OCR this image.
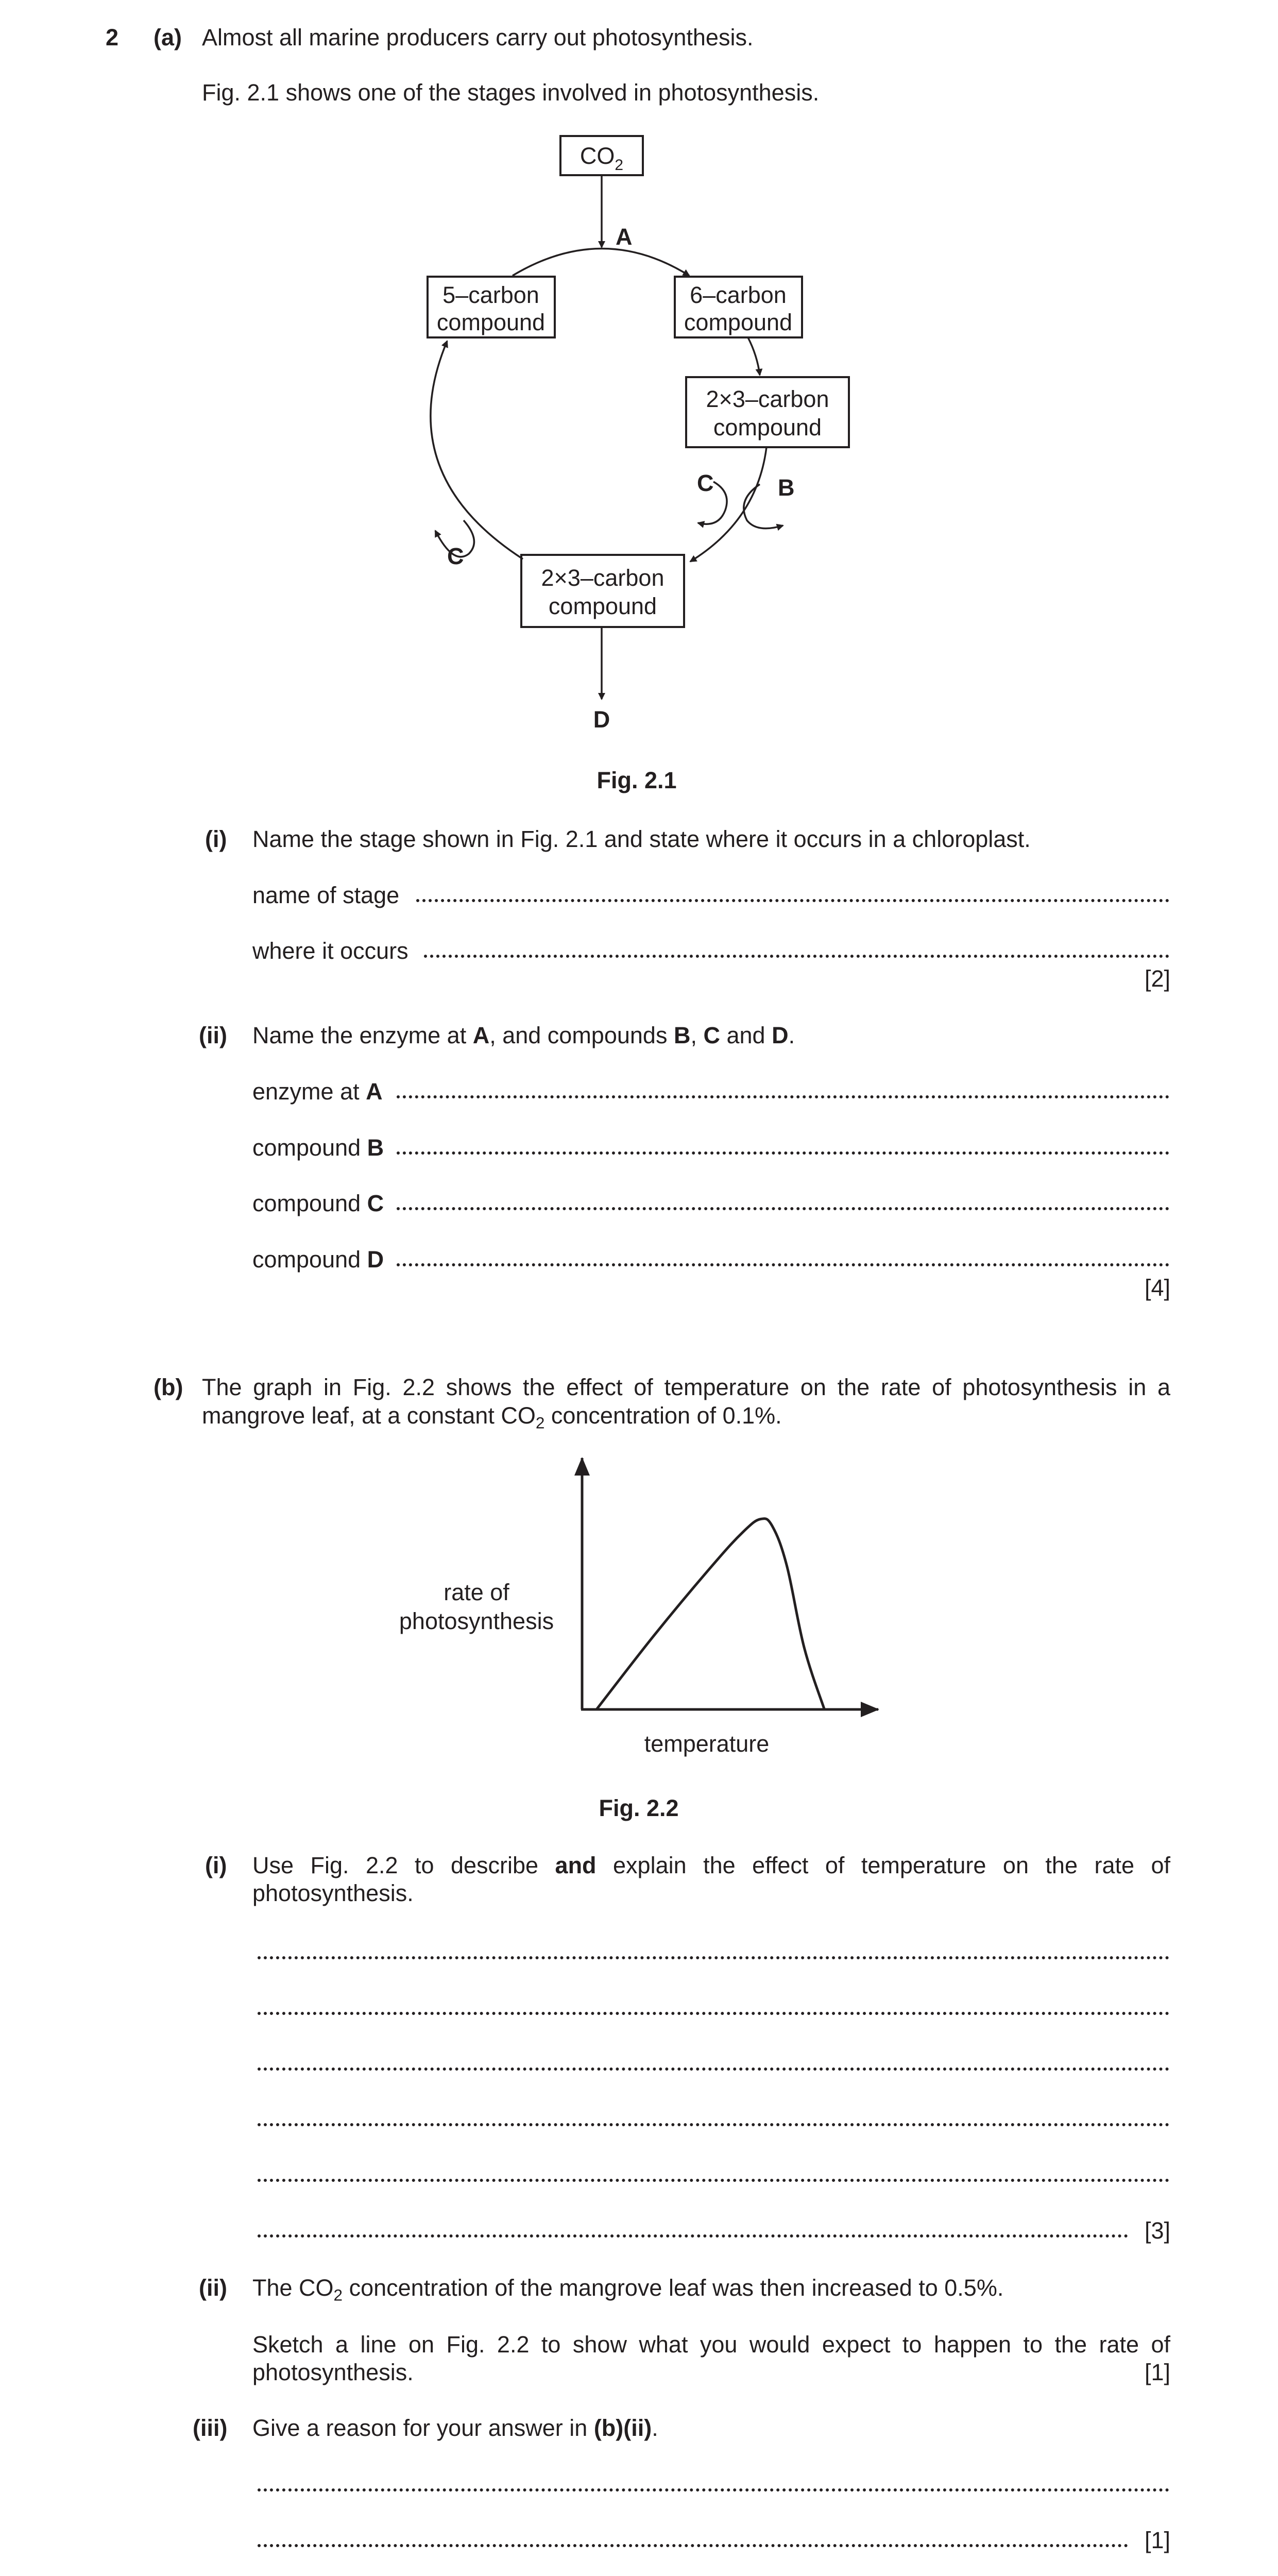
2 (a) Almost all marine producers carry out photosynthesis.
Fig. 2.1 shows one of the stages involved in photosynthesis.
$CO_2$
A
5–carbon
compound
6–carbon
compound
2×3–carbon
compound
C	B
C
2×3–carbon
compound
D
Fig. 2.1
(i) Name the stage shown in Fig. 2.1 and state where it occurs in a chloroplast.
name of stage
where it occurs
[2]
(ii) Name the enzyme at A, and compounds B, C and D.
enzyme at A
compound B
compound C
compound D
[4]
(b) The graph in Fig. 2.2 shows the effect of temperature on the rate of photosynthesis in a
mangrove leaf, at a constant $CO_2$ concentration of 0.1%.
rate of
photosynthesis
temperature
Fig. 2.2
(i) Use Fig. 2.2 to describe and explain the effect of temperature on the rate of
photosynthesis.
[3]
(ii) The $CO_2$ concentration of the mangrove leaf was then increased to 0.5%.
Sketch a line on Fig. 2.2 to show what you would expect to happen to the rate of
photosynthesis.	[1]
(iii) Give a reason for your answer in (b)(ii).
[1]
